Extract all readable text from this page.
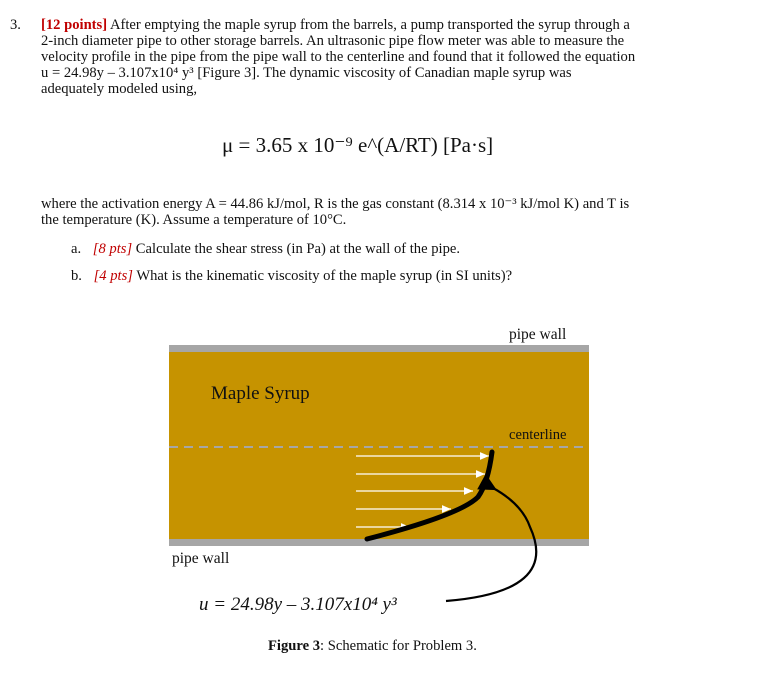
3. [12 points] After emptying the maple syrup from the barrels, a pump transported the syrup through a
2-inch diameter pipe to other storage barrels. An ultrasonic pipe flow meter was able to measure the
velocity profile in the pipe from the pipe wall to the centerline and found that it followed the equation
u = 24.98y – 3.107x10⁴ y³ [Figure 3]. The dynamic viscosity of Canadian maple syrup was
adequately modeled using,
μ = 3.65 x 10⁻⁹ e^(A/RT) [Pa·s]
where the activation energy A = 44.86 kJ/mol, R is the gas constant (8.314 x 10⁻³ kJ/mol K) and T is
the temperature (K). Assume a temperature of 10°C.
a. [8 pts] Calculate the shear stress (in Pa) at the wall of the pipe.
b. [4 pts] What is the kinematic viscosity of the maple syrup (in SI units)?
Maple Syrup
pipe wall
centerline
pipe wall
u = 24.98y – 3.107x10⁴ y³
Figure 3: Schematic for Problem 3.
